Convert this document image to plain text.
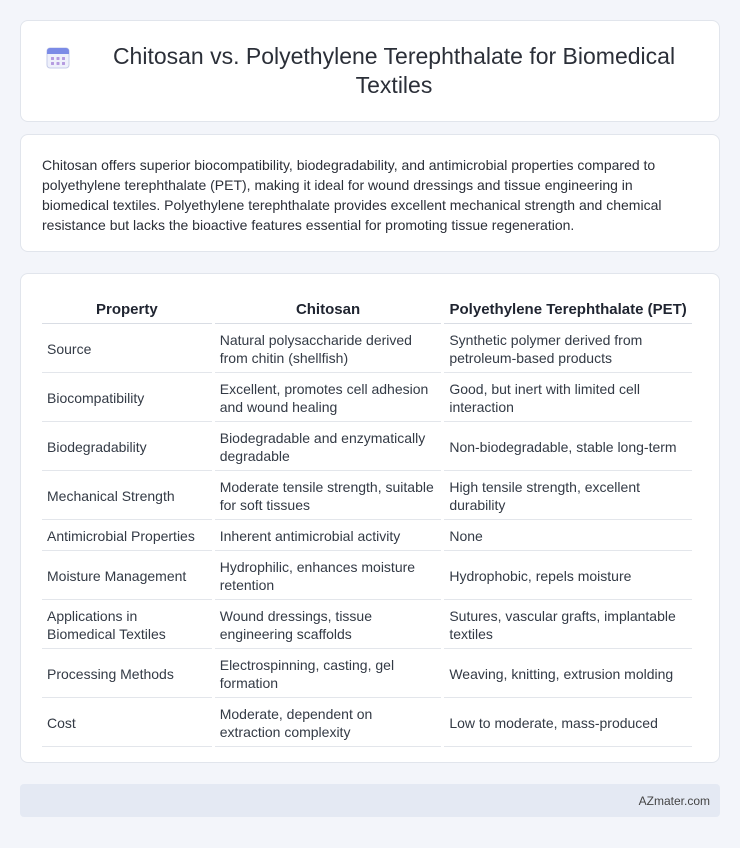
Chitosan vs. Polyethylene Terephthalate for Biomedical Textiles

Chitosan offers superior biocompatibility, biodegradability, and antimicrobial properties compared to polyethylene terephthalate (PET), making it ideal for wound dressings and tissue engineering in biomedical textiles. Polyethylene terephthalate provides excellent mechanical strength and chemical resistance but lacks the bioactive features essential for promoting tissue regeneration.

Property	Chitosan	Polyethylene Terephthalate (PET)
Source	Natural polysaccharide derived from chitin (shellfish)	Synthetic polymer derived from petroleum-based products
Biocompatibility	Excellent, promotes cell adhesion and wound healing	Good, but inert with limited cell interaction
Biodegradability	Biodegradable and enzymatically degradable	Non-biodegradable, stable long-term
Mechanical Strength	Moderate tensile strength, suitable for soft tissues	High tensile strength, excellent durability
Antimicrobial Properties	Inherent antimicrobial activity	None
Moisture Management	Hydrophilic, enhances moisture retention	Hydrophobic, repels moisture
Applications in Biomedical Textiles	Wound dressings, tissue engineering scaffolds	Sutures, vascular grafts, implantable textiles
Processing Methods	Electrospinning, casting, gel formation	Weaving, knitting, extrusion molding
Cost	Moderate, dependent on extraction complexity	Low to moderate, mass-produced
AZmater.com
